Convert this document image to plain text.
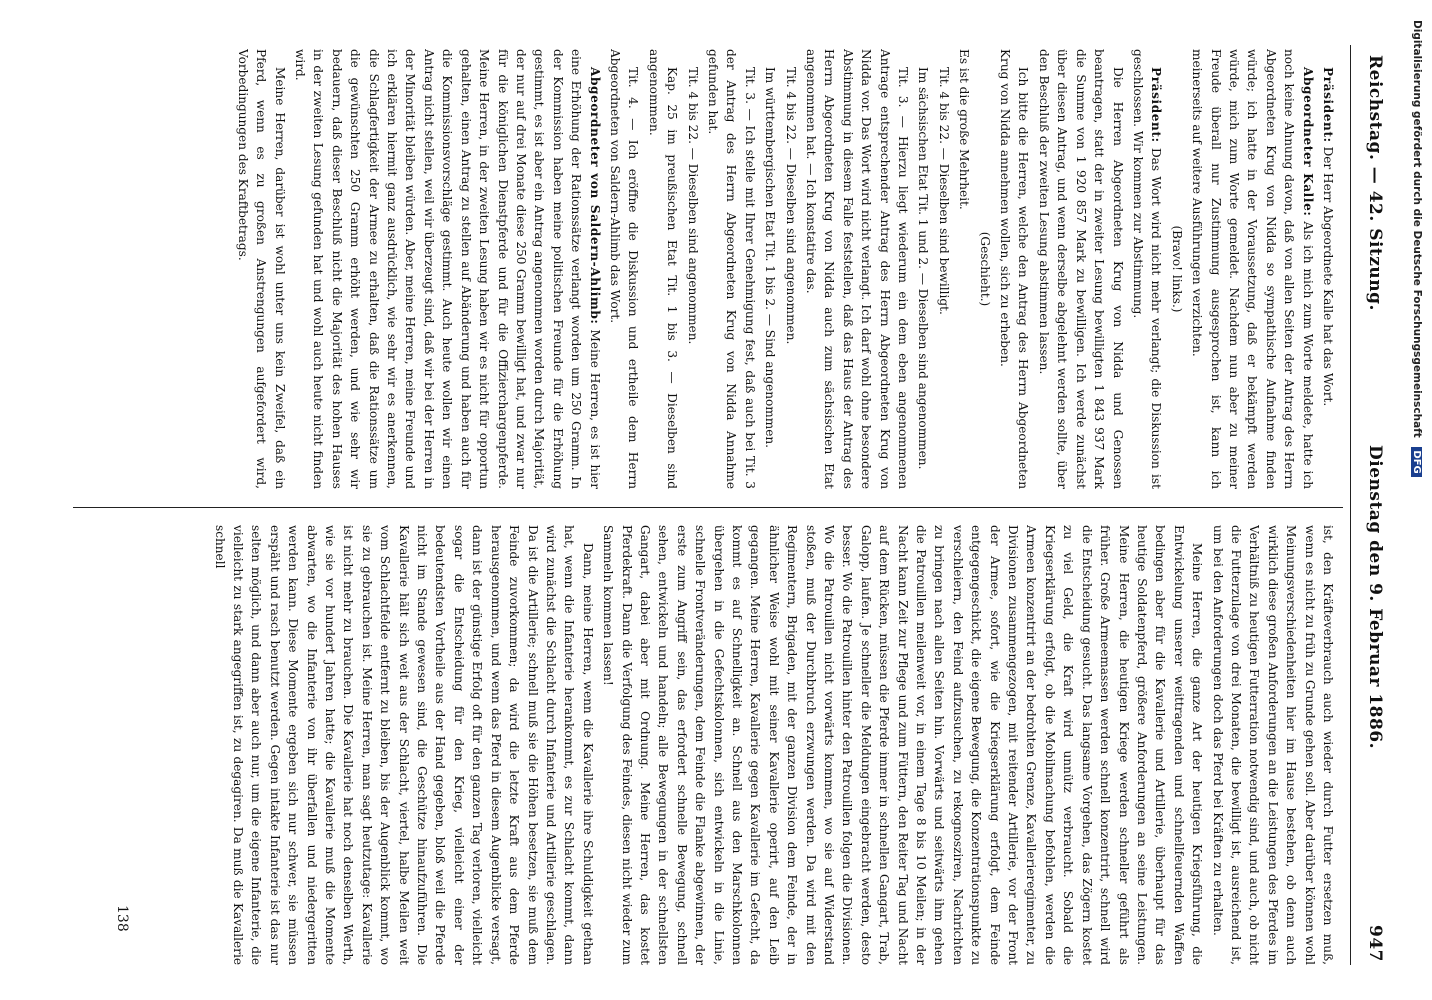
Reichstag. — 42. Sitzung.
Dienstag den 9. Februar 1886.
947

Präsident: Der Herr Abgeordnete Kalle hat das Wort.

Abgeordneter Kalle: Als ich mich zum Worte meldete, hatte ich noch keine Ahnung davon, daß von allen Seiten der Antrag des Herrn Abgeordneten Krug von Nidda so sympathische Aufnahme finden würde; ich hatte in der Voraussetzung, daß er bekämpft werden würde, mich zum Worte gemeldet. Nachdem nun aber zu meiner Freude überall nur Zustimmung ausgesprochen ist, kann ich meinerseits auf weitere Ausführungen verzichten.

(Bravo! links.)

Präsident: Das Wort wird nicht mehr verlangt; die Diskussion ist geschlossen. Wir kommen zur Abstimmung.

Die Herren Abgeordneten Krug von Nidda und Genossen beantragen, statt der in zweiter Lesung bewilligten 1 843 937 Mark die Summe von 1 920 857 Mark zu bewilligen. Ich werde zunächst über diesen Antrag, und wenn derselbe abgelehnt werden sollte, über den Beschluß der zweiten Lesung abstimmen lassen.

Ich bitte die Herren, welche den Antrag des Herrn Abgeordneten Krug von Nidda annehmen wollen, sich zu erheben.

(Geschieht.)

Es ist die große Mehrheit.

Tit. 4 bis 22. — Dieselben sind bewilligt.

Im sächsischen Etat Tit. 1 und 2. — Dieselben sind angenommen.

Tit. 3. — Hierzu liegt wiederum ein dem eben angenommenen Antrage entsprechender Antrag des Herrn Abgeordneten Krug von Nidda vor. Das Wort wird nicht verlangt. Ich darf wohl ohne besondere Abstimmung in diesem Falle feststellen, daß das Haus der Antrag des Herrn Abgeordneten Krug von Nidda auch zum sächsischen Etat angenommen hat. — Ich konstatire das.

Tit. 4 bis 22. — Dieselben sind angenommen.

Im württembergischen Etat Tit. 1 bis 2. — Sind angenommen.

Tit. 3. — Ich stelle mit Ihrer Genehmigung fest, daß auch bei Tit. 3 der Antrag des Herrn Abgeordneten Krug von Nidda Annahme gefunden hat.

Tit. 4 bis 22. — Dieselben sind angenommen.

Kap. 25 im preußischen Etat Tit. 1 bis 3. — Dieselben sind angenommen.

Tit. 4. — Ich eröffne die Diskussion und ertheile dem Herrn Abgeordneten von Saldern-Ahlimb das Wort.

Abgeordneter von Saldern-Ahlimb: Meine Herren, es ist hier eine Erhöhung der Rationssätze verlangt worden um 250 Gramm. In der Kommission haben meine politischen Freunde für die Erhöhung gestimmt, es ist aber ein Antrag angenommen worden durch Majorität, der nur auf drei Monate diese 250 Gramm bewilligt hat, und zwar nur für die königlichen Dienstpferde und für die Offizierchargenpferde. Meine Herren, in der zweiten Lesung haben wir es nicht für opportun gehalten, einen Antrag zu stellen auf Abänderung und haben auch für die Kommissionsvorschläge gestimmt. Auch heute wollen wir einen Antrag nicht stellen, weil wir überzeugt sind, daß wir bei der Herren in der Minorität bleiben würden. Aber, meine Herren, meine Freunde und ich erklären hiermit ganz ausdrücklich, wie sehr wir es anerkennen, die Schlagfertigkeit der Armee zu erhalten, daß die Rationssätze um die gewünschten 250 Gramm erhöht werden, und wie sehr wir bedauern, daß dieser Beschluß nicht die Majorität des hohen Hauses in der zweiten Lesung gefunden hat und wohl auch heute nicht finden wird.

Meine Herren, darüber ist wohl unter uns kein Zweifel, daß ein Pferd, wenn es zu großen Anstrengungen aufgefordert wird, Vorbedingungen des Kraftbetrags.

ist, den Kräfteverbrauch auch wieder durch Futter ersetzen muß, wenn es nicht zu früh zu Grunde gehen soll. Aber darüber können wohl Meinungsverschiedenheiten hier im Hause bestehen, ob denn auch wirklich diese großen Anforderungen an die Leistungen des Pferdes im Verhältniß zu heutigen Futterration notwendig sind, und auch, ob nicht die Futterzulage von drei Monaten, die bewilligt ist, ausreichend ist, um bei den Anforderungen doch das Pferd bei Kräften zu erhalten.

Meine Herren, die ganze Art der heutigen Kriegsführung, die Entwickelung unserer weittragenden und schnellfeuernden Waffen bedingen aber für die Kavallerie und Artillerie, überhaupt für das heutige Soldatenpferd, größere Anforderungen an seine Leistungen. Meine Herren, die heutigen Kriege werden schneller geführt als früher. Große Armeemassen werden schnell konzentrirt, schnell wird die Entscheidung gesucht. Das langsame Vorgehen, das Zögern kostet zu viel Geld, die Kraft wird unnütz verbraucht. Sobald die Kriegserklärung erfolgt, ob die Mobilmachung befohlen, werden die Armeen konzentrirt an der bedrohten Grenze, Kavallerieregimenter, zu Divisionen zusammengezogen, mit reitender Artillerie, vor der Front der Armee, sofort, wie die Kriegserklärung erfolgt, dem Feinde entgegengeschickt, die eigene Bewegung, die Konzentrationspunkte zu verschleiern, den Feind aufzusuchen, zu rekognosziren, Nachrichten zu bringen nach allen Seiten hin. Vorwärts und seitwärts ihm gehen die Patrouillen meilenweit vor, in einem Tage 8 bis 10 Meilen; in der Nacht kann Zeit zur Pflege und zum Füttern, den Reiter Tag und Nacht auf dem Rücken, müssen die Pferde immer in schnellen Gangart, Trab, Galopp, laufen. Je schneller die Meldungen eingebracht werden, desto besser. Wo die Patrouillen hinter den Patrouillen folgen die Divisionen. Wo die Patrouillen nicht vorwärts kommen, wo sie auf Widerstand stoßen, muß der Durchbruch erzwungen werden. Da wird mit den Regimentern, Brigaden, mit der ganzen Division dem Feinde, der in ähnlicher Weise wohl mit seiner Kavallerie operirt, auf den Leib gegangen. Meine Herren, Kavallerie gegen Kavallerie im Gefecht, da kommt es auf Schnelligkeit an. Schnell aus den Marschkolonnen übergehen in die Gefechtskolonnen, sich entwickeln in die Linie, schnelle Frontveränderungen, dem Feinde die Flanke abgewinnen, der erste zum Angriff sein, das erfordert schnelle Bewegung, schnell sehen, entwickeln und handeln; alle Bewegungen in der schnellsten Gangart, dabei aber mit Ordnung. Meine Herren, das kostet Pferdekraft. Dann die Verfolgung des Feindes, diesen nicht wieder zum Sammeln kommen lassen!

Dann, meine Herren, wenn die Kavallerie ihre Schuldigkeit gethan hat, wenn die Infanterie herankommt, es zur Schlacht kommt, dann wird zunächst die Schlacht durch Infanterie und Artillerie geschlagen. Da ist die Artillerie; schnell muß sie die Höhen besetzen, sie muß dem Feinde zuvorkommen; da wird die letzte Kraft aus dem Pferde herausgenommen, und wenn das Pferd in diesem Augenblicke versagt, dann ist der günstige Erfolg oft für den ganzen Tag verloren, vielleicht sogar die Entscheidung für den Krieg, vielleicht einer der bedeutendsten Vortheile aus der Hand gegeben, bloß weil die Pferde nicht im Stande gewesen sind, die Geschütze hinaufzuführen. Die Kavallerie hält sich weit aus der Schlacht, viertel, halbe Meilen weit vom Schlachtfelde entfernt zu bleiben, bis der Augenblick kommt, wo sie zu gebrauchen ist. Meine Herren, man sagt heutzutage: Kavallerie ist nicht mehr zu brauchen. Die Kavallerie hat noch denselben Werth, wie sie vor hundert Jahren hatte; die Kavallerie muß die Momente abwarten, wo die Infanterie von ihr überfallen und niedergeritten werden kann. Diese Momente ergeben sich nur schwer, sie müssen erspäht und rasch benutzt werden. Gegen intakte Infanterie ist das nur selten möglich, und dann aber auch nur, um die eigene Infanterie, die vielleicht zu stark angegriffen ist, zu degagiren. Da muß die Kavallerie schnell

138
Digitalisierung gefördert durch die Deutsche Forschungsgemeinschaft DFG
